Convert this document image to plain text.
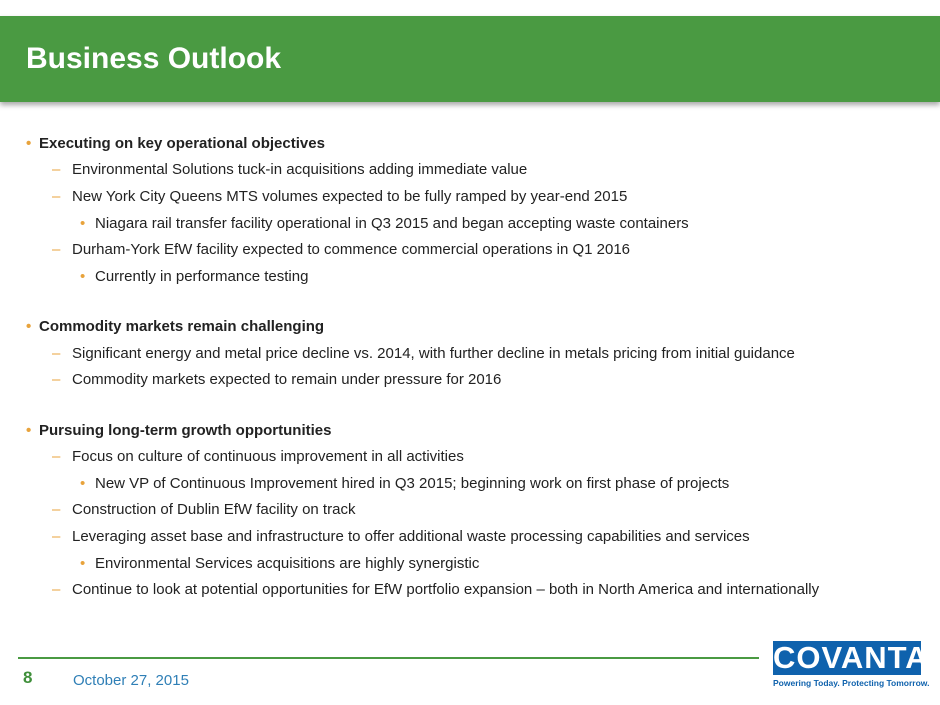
Business Outlook
• Executing on key operational objectives
– Environmental Solutions tuck-in acquisitions adding immediate value
– New York City Queens MTS volumes expected to be fully ramped by year-end 2015
• Niagara rail transfer facility operational in Q3 2015 and began accepting waste containers
– Durham-York EfW facility expected to commence commercial operations in Q1 2016
• Currently in performance testing
• Commodity markets remain challenging
– Significant energy and metal price decline vs. 2014, with further decline in metals pricing from initial guidance
– Commodity markets expected to remain under pressure for 2016
• Pursuing long-term growth opportunities
– Focus on culture of continuous improvement in all activities
• New VP of Continuous Improvement hired in Q3 2015; beginning work on first phase of projects
– Construction of Dublin EfW facility on track
– Leveraging asset base and infrastructure to offer additional waste processing capabilities and services
• Environmental Services acquisitions are highly synergistic
– Continue to look at potential opportunities for EfW portfolio expansion – both in North America and internationally
8	October 27, 2015
COVANTA
Powering Today. Protecting Tomorrow.
